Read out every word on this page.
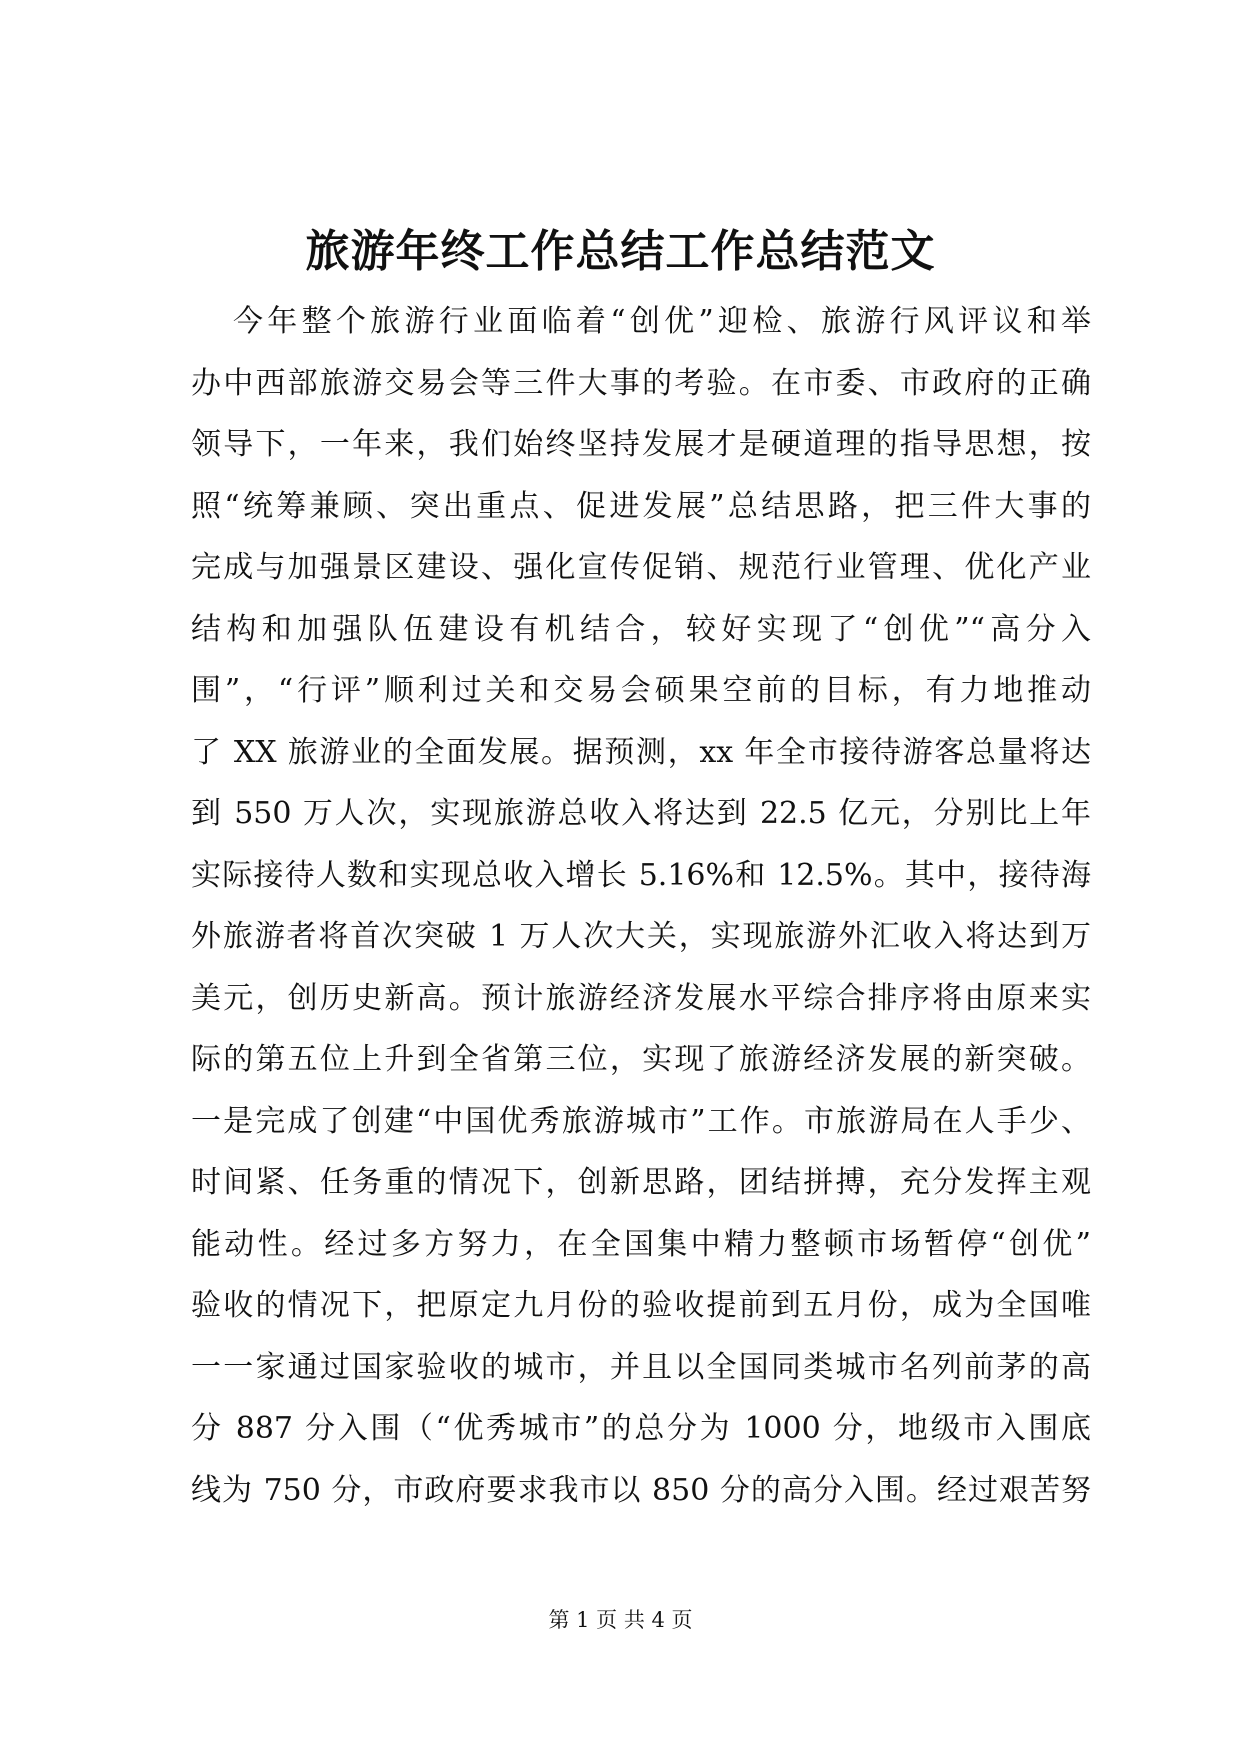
旅游年终工作总结工作总结范文
今年整个旅游行业面临着“创优”迎检、旅游行风评议和举
办中西部旅游交易会等三件大事的考验。在市委、市政府的正确
领导下，一年来，我们始终坚持发展才是硬道理的指导思想，按
照“统筹兼顾、突出重点、促进发展”总结思路，把三件大事的
完成与加强景区建设、强化宣传促销、规范行业管理、优化产业
结构和加强队伍建设有机结合，较好实现了“创优”“高分入
围”，“行评”顺利过关和交易会硕果空前的目标，有力地推动
了 XX 旅游业的全面发展。据预测，xx 年全市接待游客总量将达
到 550 万人次，实现旅游总收入将达到 22.5 亿元，分别比上年
实际接待人数和实现总收入增长 5.16%和 12.5%。其中，接待海
外旅游者将首次突破 1 万人次大关，实现旅游外汇收入将达到万
美元，创历史新高。预计旅游经济发展水平综合排序将由原来实
际的第五位上升到全省第三位，实现了旅游经济发展的新突破。
一是完成了创建“中国优秀旅游城市”工作。市旅游局在人手少、
时间紧、任务重的情况下，创新思路，团结拼搏，充分发挥主观
能动性。经过多方努力，在全国集中精力整顿市场暂停“创优”
验收的情况下，把原定九月份的验收提前到五月份，成为全国唯
一一家通过国家验收的城市，并且以全国同类城市名列前茅的高
分 887 分入围（“优秀城市”的总分为 1000 分，地级市入围底
线为 750 分，市政府要求我市以 850 分的高分入围。经过艰苦努
第 1 页 共 4 页
